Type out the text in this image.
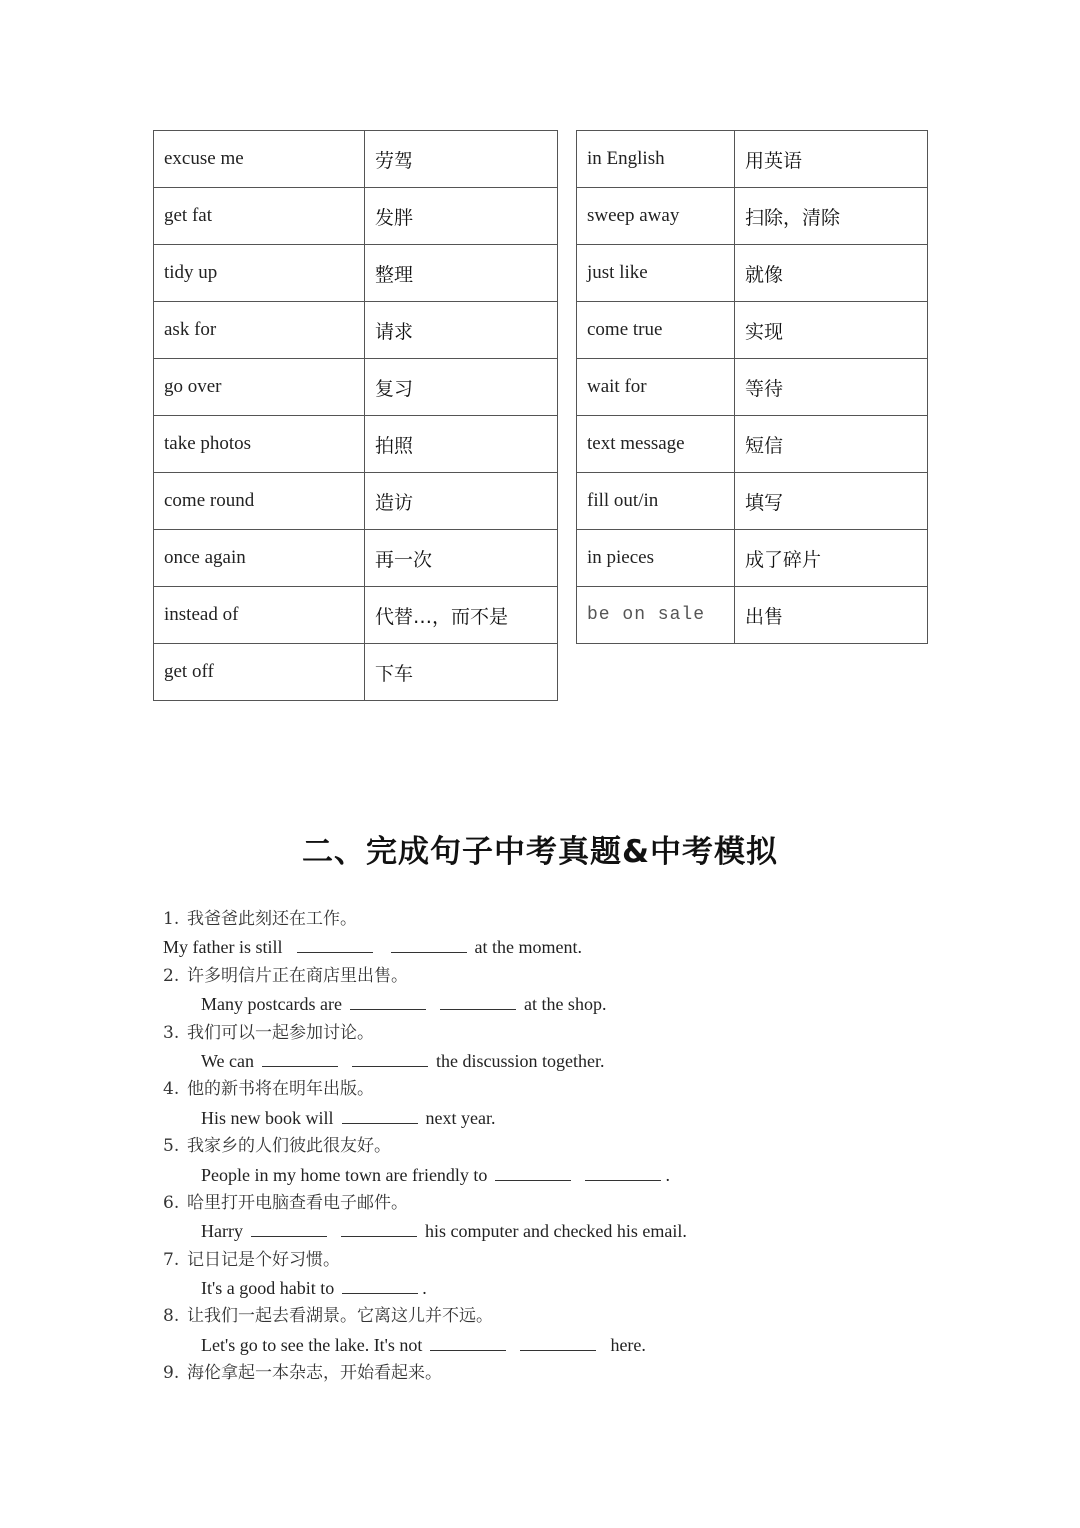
excuse me	劳驾
get fat	发胖
tidy up	整理
ask for	请求
go over	复习
take photos	拍照
come round	造访
once again	再一次
instead of	代替…，而不是
get off	下车
in English	用英语
sweep away	扫除，清除
just like	就像
come true	实现
wait for	等待
text message	短信
fill out/in	填写
in pieces	成了碎片
be on sale	出售
二、完成句子中考真题&中考模拟
1. 我爸爸此刻还在工作。
My father is still	at the moment.
2. 许多明信片正在商店里出售。
Many postcards are	at the shop.
3. 我们可以一起参加讨论。
We can	the discussion together.
4. 他的新书将在明年出版。
His new book will	next year.
5. 我家乡的人们彼此很友好。
People in my home town are friendly to	.
6. 哈里打开电脑查看电子邮件。
Harry	his computer and checked his email.
7. 记日记是个好习惯。
It's a good habit to	.
8. 让我们一起去看湖景。它离这儿并不远。
Let's go to see the lake. It's not	here.
9. 海伦拿起一本杂志，开始看起来。
